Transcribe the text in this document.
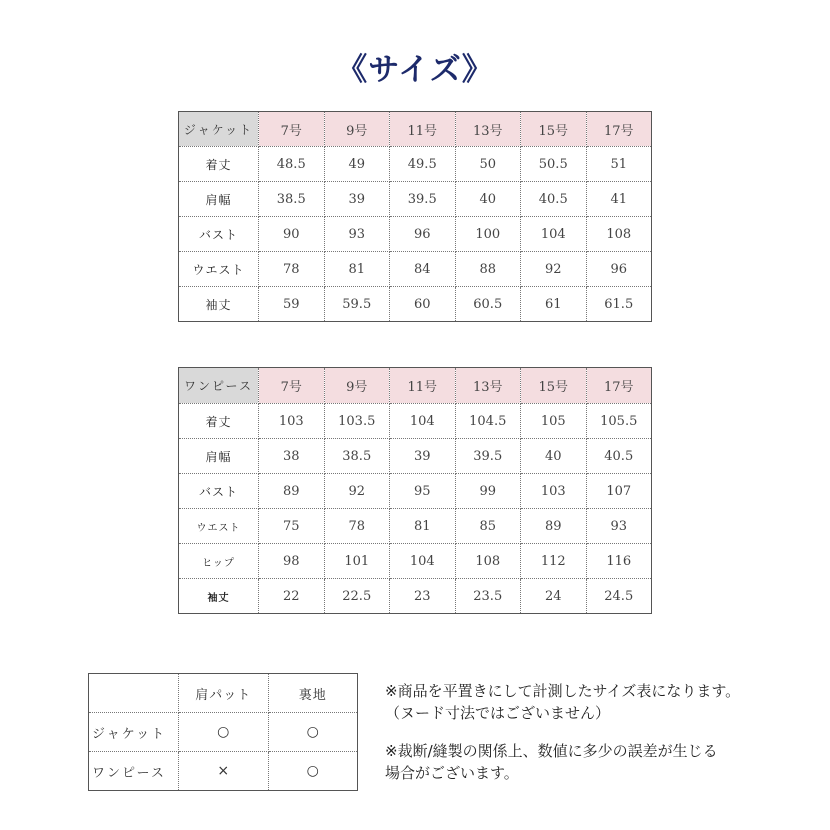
《サイズ》
ジャケット	7号	9号	11号	13号	15号	17号
着丈	48.5	49	49.5	50	50.5	51
肩幅	38.5	39	39.5	40	40.5	41
バスト	90	93	96	100	104	108
ウエスト	78	81	84	88	92	96
袖丈	59	59.5	60	60.5	61	61.5
ワンピース	7号	9号	11号	13号	15号	17号
着丈	103	103.5	104	104.5	105	105.5
肩幅	38	38.5	39	39.5	40	40.5
バスト	89	92	95	99	103	107
ウエスト	75	78	81	85	89	93
ヒップ	98	101	104	108	112	116
袖丈	22	22.5	23	23.5	24	24.5
	肩パット	裏地
ジャケット	○	○
ワンピース	×	○

※商品を平置きにして計測したサイズ表になります。
（ヌード寸法ではございません）

※裁断/縫製の関係上、数値に多少の誤差が生じる
場合がございます。
